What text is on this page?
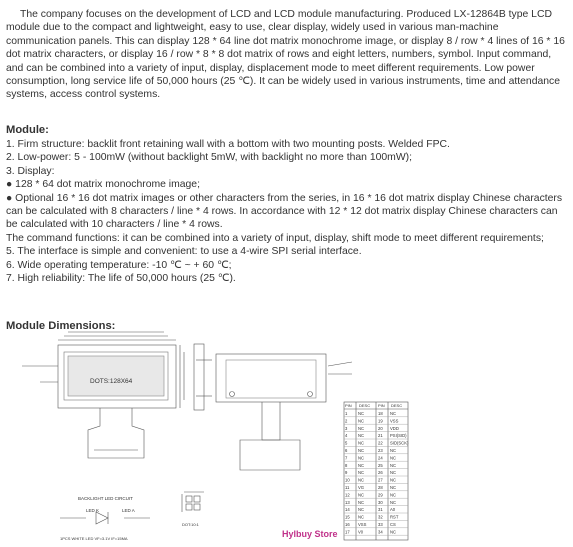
The company focuses on the development of LCD and LCD module manufacturing. Produced LX-12864B type LCD module due to the compact and lightweight, easy to use, clear display, widely used in various man-machine communication panels. This can display 128 * 64 line dot matrix monochrome image, or display 8 / row * 4 lines of 16 * 16 dot matrix characters, or display 16 / row * 8 * 8 dot matrix of rows and eight letters, numbers, symbol. Input command, and can be combined into a variety of input, display, displacement mode to meet different requirements. Low power consumption, long service life of 50,000 hours (25 ℃). It can be widely used in various instruments, time and attendance systems, access control systems.

Module:

1. Firm structure: backlit front retaining wall with a bottom with two mounting posts. Welded FPC.
2. Low-power: 5 - 100mW (without backlight 5mW, with backlight no more than 100mW);
3. Display:
● 128 * 64 dot matrix monochrome image;
● Optional 16 * 16 dot matrix images or other characters from the series, in 16 * 16 dot matrix display Chinese characters can be calculated with 8 characters / line * 4 rows. In accordance with 12 * 12 dot matrix display Chinese characters can be calculated with 10 characters / line * 4 rows.
The command functions: it can be combined into a variety of input, display, shift mode to meet different requirements;
5. The interface is simple and convenient: to use a 4-wire SPI serial interface.
6. Wide operating temperature: -10 ℃ ~ + 60 ℃;
7. High reliability: The life of 50,000 hours (25 ℃).

Module Dimensions:

DOTS:128X64
BACKLIGHT LED CIRCUIT
LED K	LED A
1PCS WHITE LED VF=3.1V IF=15MA
DOT:10:1
Hylbuy Store
PIN DESC PIN DESC
1	NC	18 NC
2	NC	19 VSS
3	NC	20 VDD
4	NC	21 PSI(SID)
5	NC	22 SID(SCK)
6	NC	23 NC
7	NC	24 NC
8	NC	25 NC
9	NC	26 NC
10 NC	27 NC
11 VG	28 NC
12 NC	29 NC
13 NC	30 NC
14 NC	31 A0
15 NC	32 RST
16 VSS	33 CS
17 V0	34 NC
